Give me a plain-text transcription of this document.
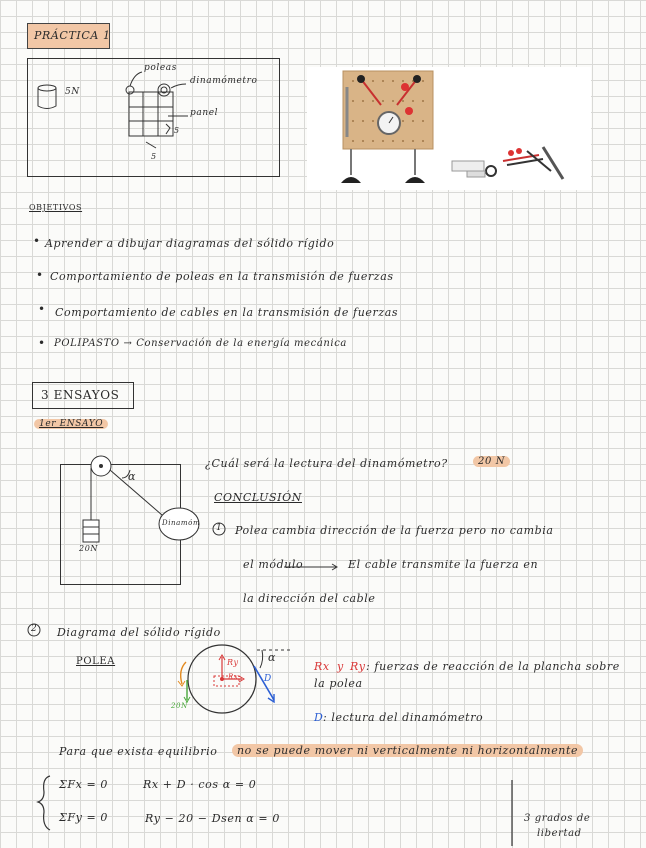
PRÁCTICA 1
5N
poleas
dinamómetro
panel
5
5
OBJETIVOS
• Aprender a dibujar diagramas del sólido rígido
• Comportamiento de poleas en la transmisión de fuerzas
• Comportamiento de cables en la transmisión de fuerzas
• POLIPASTO → Conservación de la energía mecánica
3 ENSAYOS
1er ENSAYO
α
20N
Dinamóm
¿Cuál será la lectura del dinamómetro?	20 N
CONCLUSIÓN
1 Polea cambia dirección de la fuerza pero no cambia
el módulo	El cable transmite la fuerza en
la dirección del cable
2 Diagrama del sólido rígido
POLEA	Ry
Rx	D
α
20N
Rx y Ry : fuerzas de reacción de la plancha sobre
la polea
D : lectura del dinamómetro
Para que exista equilibrio	no se puede mover ni verticalmente ni horizontalmente
ΣFx = 0	Rx + D · cos α = 0
ΣFy = 0	Ry − 20 − Dsen α = 0	3 grados de
libertad
